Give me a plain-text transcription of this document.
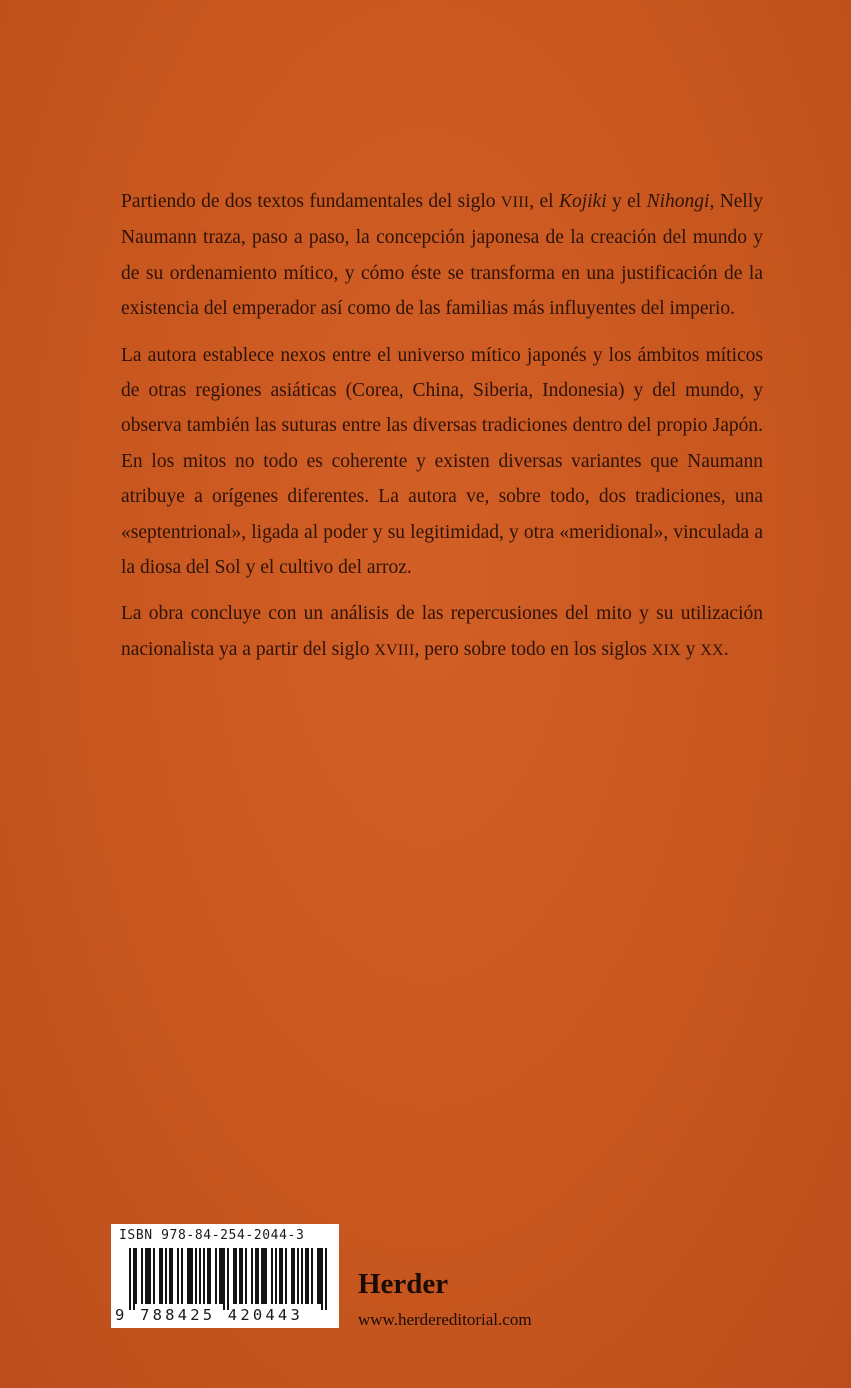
Partiendo de dos textos fundamentales del siglo VIII, el Kojiki y el Nihongi, Nelly Naumann traza, paso a paso, la concepción japonesa de la creación del mundo y de su ordenamiento mítico, y cómo éste se transforma en una justificación de la existencia del emperador así como de las familias más influyentes del imperio.

La autora establece nexos entre el universo mítico japonés y los ámbitos míticos de otras regiones asiáticas (Corea, China, Siberia, Indonesia) y del mundo, y observa también las suturas entre las diversas tradiciones dentro del propio Japón. En los mitos no todo es coherente y existen diversas variantes que Naumann atribuye a orígenes diferentes. La autora ve, sobre todo, dos tradiciones, una «septentrional», ligada al poder y su legitimidad, y otra «meridional», vinculada a la diosa del Sol y el cultivo del arroz.

La obra concluye con un análisis de las repercusiones del mito y su utilización nacionalista ya a partir del siglo XVIII, pero sobre todo en los siglos XIX y XX.

ISBN 978-84-254-2044-3
9 788425 420443
Herder
www.herdereditorial.com
